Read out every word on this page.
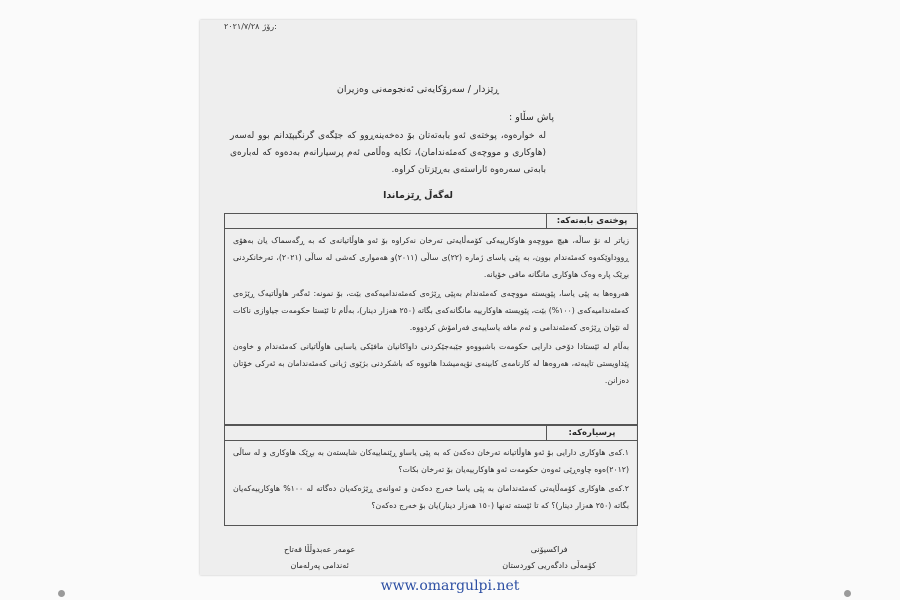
٢٠٢١/٧/٢٨ رۆژ:
ڕێزدار / سەرۆکایەتی ئەنجومەنی وەزیران
پاش سڵاو :
لە خوارەوە، پوختەی ئەو بابەتەتان بۆ دەخەینەڕوو کە جێگەی گرنگیپێدانم بوو لەسەر (هاوکاری و مووچەی کەمئەندامان)، تکایە وەڵامی ئەم پرسیارانەم بەدەوە کە لەبارەی بابەتی سەرەوە ئاراستەی بەڕێزتان کراوە.
لەگەڵ ڕێزماندا
پوختەی بابەتەکە:

زیاتر لە نۆ ساڵە، هیچ مووچەو هاوکارییەکی کۆمەڵایەتی تەرخان نەکراوە بۆ ئەو هاوڵاتیانەی کە بە ڕگەسماک یان بەهۆی ڕووداوێکەوە کەمئەندام بوون، بە پێی یاسای ژمارە (٢٢)ی ساڵی (٢٠١١)و هەمواری کەشی لە ساڵی (٢٠٢١)، تەرخانکردنی بڕێک پارە وەک هاوکاری مانگانە مافی خۆیانە.

هەروەها بە پێی یاسا، پێویستە مووچەی کەمئەندام بەپێی ڕێژەی کەمئەندامیەکەی بێت، بۆ نمونە: ئەگەر هاوڵاتیەک ڕێژەی کەمئەندامیەکەی (١٠٠%) بێت، پێویستە هاوکارییە مانگانەکەی بگاتە (٢٥٠ هەزار دینار)، بەڵام تا ئێستا حکومەت جیاوازی ناکات لە نێوان ڕێژەی کەمئەندامی و ئەم مافە یاساییەی فەرامۆش کردووە.

بەڵام لە ئێستادا دۆخی دارایی حکومەت باشبووەو جێبەجێکردنی داواکانیان مافێکی یاسایی هاوڵاتیانی کەمئەندام و خاوەن پێداویستی تایبەتە، هەروەها لە کارنامەی کابینەی نۆیەمیشدا هاتووە کە باشکردنی بژێوی ژیانی کەمئەندامان بە ئەرکی خۆتان دەزانن.

پرسیارەکە:

١.کەی هاوکاری دارایی بۆ ئەو هاوڵاتیانە تەرخان دەکەن کە بە پێی یاساو ڕێنماییەکان شایستەن بە بڕێک هاوکاری و لە ساڵی (٢٠١٢)ەوە چاوەڕێی ئەوەن حکومەت ئەو هاوکارییەیان بۆ تەرخان بکات؟

٢.کەی هاوکاری کۆمەڵایەتی کەمئەندامان بە پێی یاسا خەرج دەکەن و ئەوانەی ڕێژەکەیان دەگاتە لە ١٠٠% هاوکارییەکەیان بگاتە (٢٥٠ هەزار دینار)؟ کە تا ئێستە تەنها (١٥٠ هەزار دینار)یان بۆ خەرج دەکەن؟

فراکسیۆنی
کۆمەڵی دادگەریی کوردستان
عومەر عەبدوڵڵا فەتاح
ئەندامی پەرلەمان
www.omargulpi.net
